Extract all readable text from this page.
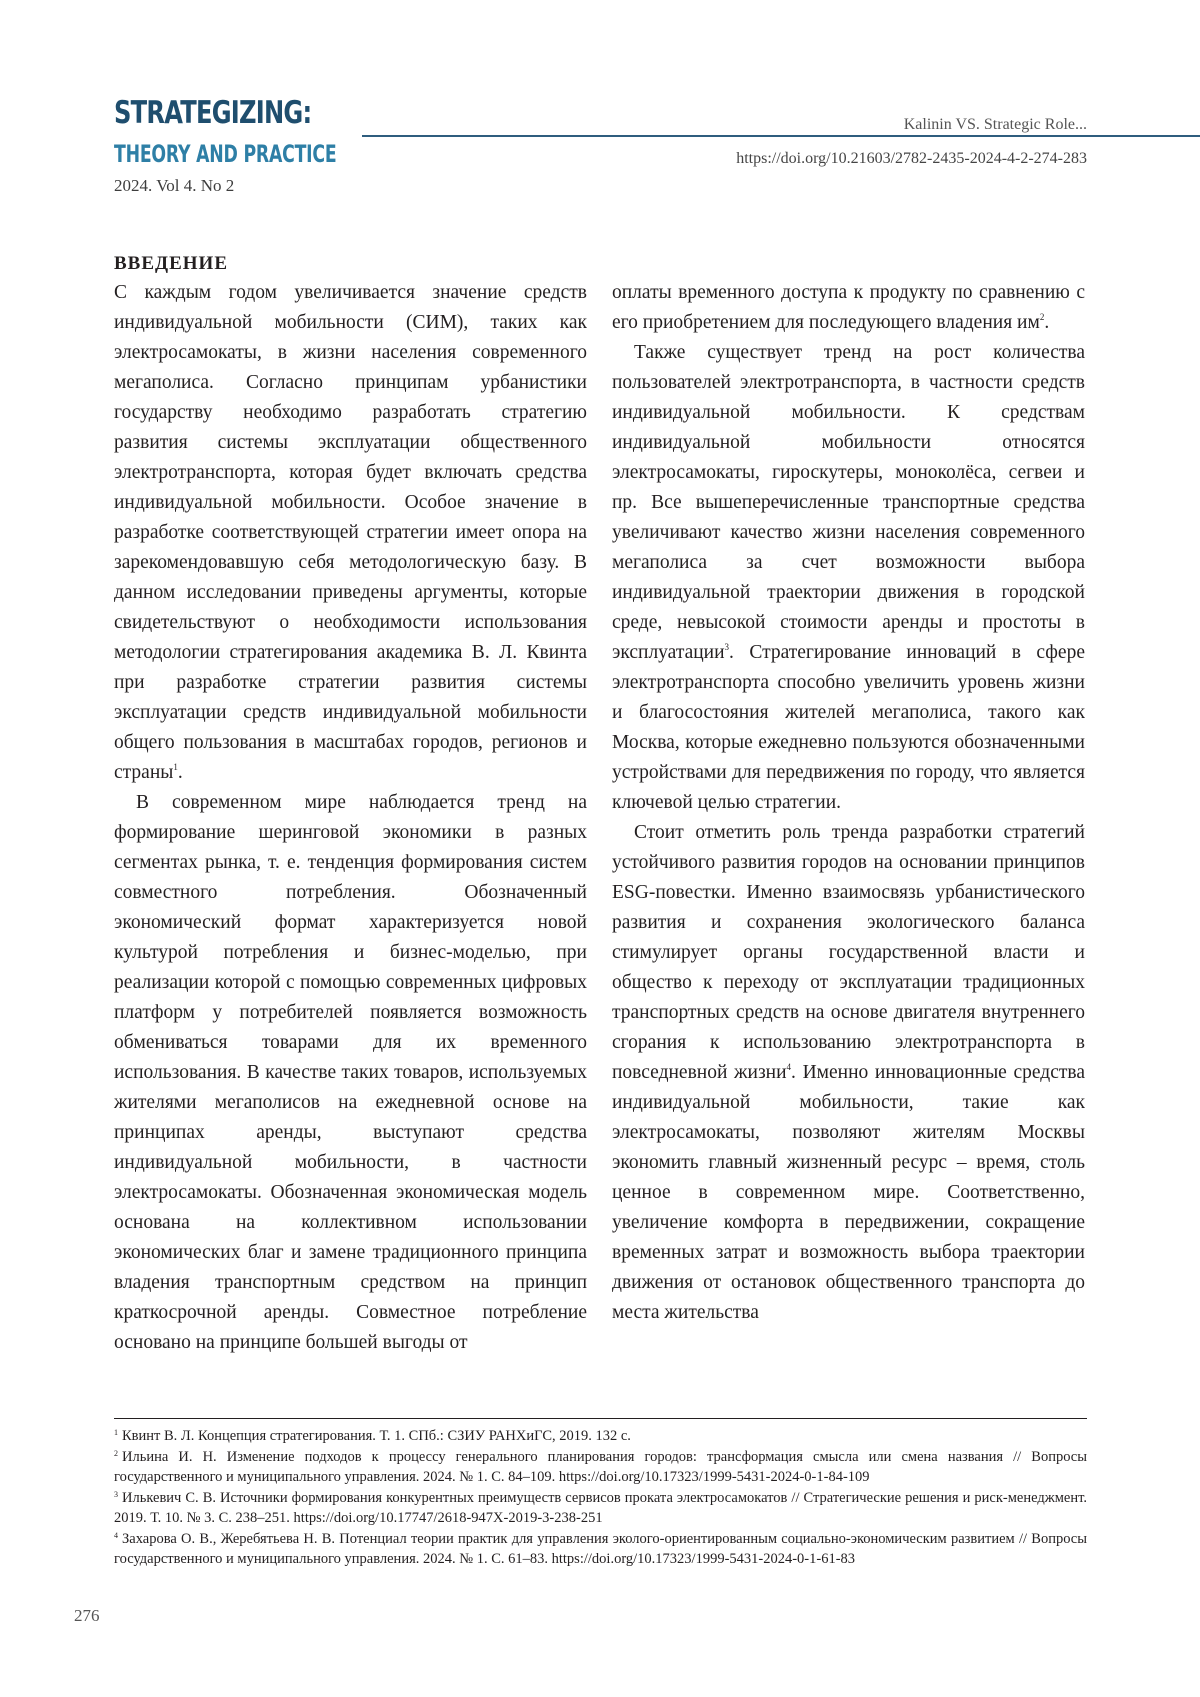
STRATEGIZING:
THEORY AND PRACTICE
2024. Vol 4. No 2
Kalinin VS. Strategic Role...
https://doi.org/10.21603/2782-2435-2024-4-2-274-283
ВВЕДЕНИЕ

С каждым годом увеличивается значение средств индивидуальной мобильности (СИМ), таких как электросамокаты, в жизни населения современного мегаполиса. Согласно принципам урбанистики государству необходимо разработать стратегию развития системы эксплуатации общественного электротранспорта, которая будет включать средства индивидуальной мобильности. Особое значение в разработке соответствующей стратегии имеет опора на зарекомендовавшую себя методологическую базу. В данном исследовании приведены аргументы, которые свидетельствуют о необходимости использования методологии стратегирования академика В. Л. Квинта при разработке стратегии развития системы эксплуатации средств индивидуальной мобильности общего пользования в масштабах городов, регионов и страны$^1$.

В современном мире наблюдается тренд на формирование шеринговой экономики в разных сегментах рынка, т. е. тенденция формирования систем совместного потребления. Обозначенный экономический формат характеризуется новой культурой потребления и бизнес-моделью, при реализации которой с помощью современных цифровых платформ у потребителей появляется возможность обмениваться товарами для их временного использования. В качестве таких товаров, используемых жителями мегаполисов на ежедневной основе на принципах аренды, выступают средства индивидуальной мобильности, в частности электросамокаты. Обозначенная экономическая модель основана на коллективном использовании экономических благ и замене традиционного принципа владения транспортным средством на принцип краткосрочной аренды. Совместное потребление основано на принципе большей выгоды от

оплаты временного доступа к продукту по сравнению с его приобретением для последующего владения $им^2$.

Также существует тренд на рост количества пользователей электротранспорта, в частности средств индивидуальной мобильности. К средствам индивидуальной мобильности относятся электросамокаты, гироскутеры, моноколёса, сегвеи и пр. Все вышеперечисленные транспортные средства увеличивают качество жизни населения современного мегаполиса за счет возможности выбора индивидуальной траектории движения в городской среде, невысокой стоимости аренды и простоты в эксплуатации$^3$. Стратегирование инноваций в сфере электротранспорта способно увеличить уровень жизни и благосостояния жителей мегаполиса, такого как Москва, которые ежедневно пользуются обозначенными устройствами для передвижения по городу, что является ключевой целью стратегии.

Стоит отметить роль тренда разработки стратегий устойчивого развития городов на основании принципов ESG-повестки. Именно взаимосвязь урбанистического развития и сохранения экологического баланса стимулирует органы государственной власти и общество к переходу от эксплуатации традиционных транспортных средств на основе двигателя внутреннего сгорания к использованию электротранспорта в повседневной жизни$^4$. Именно инновационные средства индивидуальной мобильности, такие как электросамокаты, позволяют жителям Москвы экономить главный жизненный ресурс – время, столь ценное в современном мире. Соответственно, увеличение комфорта в передвижении, сокращение временных затрат и возможность выбора траектории движения от остановок общественного транспорта до места жительства

$^1$ Квинт В. Л. Концепция стратегирования. Т. 1. СПб.: СЗИУ РАНХиГС, 2019. 132 с.

$^2$ Ильина И. Н. Изменение подходов к процессу генерального планирования городов: трансформация смысла или смена названия // Вопросы государственного и муниципального управления. 2024. № 1. С. 84–109. https://doi.org/10.17323/1999-5431-2024-0-1-84-109

$^3$ Илькевич С. В. Источники формирования конкурентных преимуществ сервисов проката электросамокатов // Стратегические решения и риск-менеджмент. 2019. Т. 10. № 3. С. 238–251. https://doi.org/10.17747/2618-947X-2019-3-238-251

$^4$ Захарова О. В., Жеребятьева Н. В. Потенциал теории практик для управления эколого-ориентированным социально-экономическим развитием // Вопросы государственного и муниципального управления. 2024. № 1. С. 61–83. https://doi.org/10.17323/1999-5431-2024-0-1-61-83

276
